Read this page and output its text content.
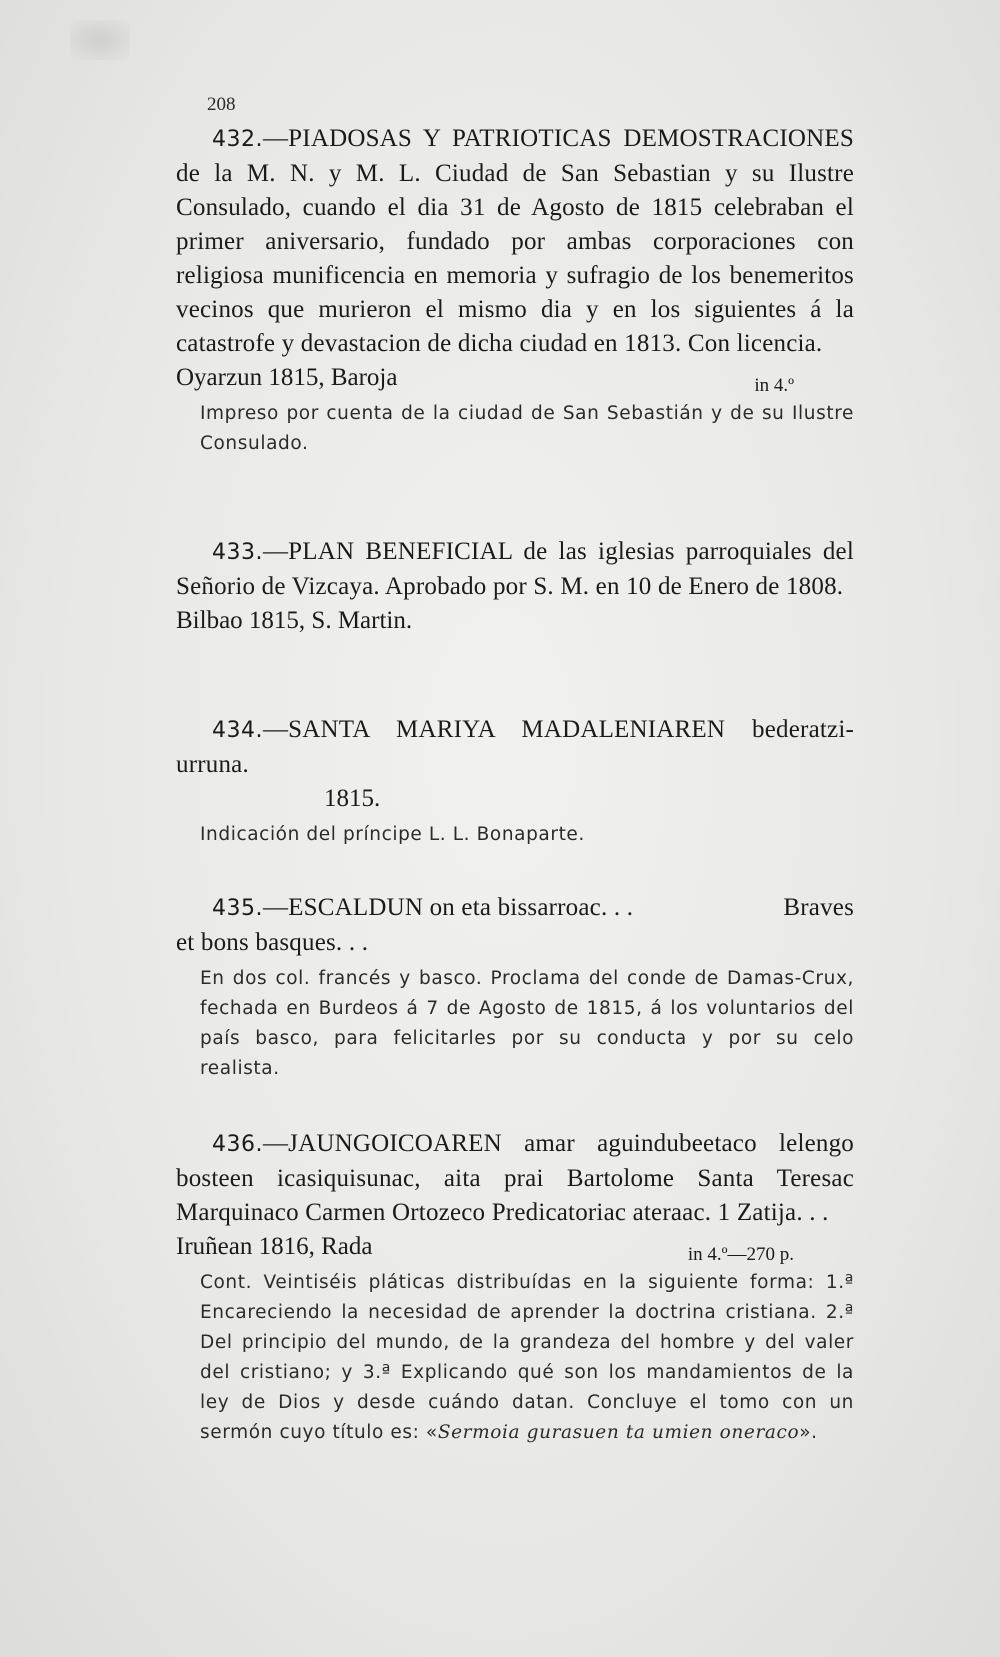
208
432.—PIADOSAS Y PATRIOTICAS DEMOSTRACIONES de la M. N. y M. L. Ciudad de San Sebastian y su Ilustre Consulado, cuando el dia 31 de Agosto de 1815 celebraban el primer aniversario, fundado por ambas corporaciones con religiosa munificencia en memoria y sufragio de los benemeritos vecinos que murieron el mismo dia y en los siguientes á la catastrofe y devastacion de dicha ciudad en 1813. Con licencia.
Oyarzun 1815, Baroja	in 4.º
Impreso por cuenta de la ciudad de San Sebastián y de su Ilustre Consulado.
433.—PLAN BENEFICIAL de las iglesias parroquiales del Señorio de Vizcaya. Aprobado por S. M. en 10 de Enero de 1808.
Bilbao 1815, S. Martin.
434.—SANTA MARIYA MADALENIAREN bederatzi-urruna.
1815.
Indicación del príncipe L. L. Bonaparte.
435.—ESCALDUN on eta bissarroac. . .	Braves
et bons basques. . .
En dos col. francés y basco. Proclama del conde de Damas-Crux, fechada en Burdeos á 7 de Agosto de 1815, á los voluntarios del país basco, para felicitarles por su conducta y por su celo realista.
436.—JAUNGOICOAREN amar aguindubeetaco lelengo bosteen icasiquisunac, aita prai Bartolome Santa Teresac Marquinaco Carmen Ortozeco Predicatoriac ateraac. 1 Zatija. . .
Iruñean 1816, Rada	in 4.º—270 p.
Cont. Veintiséis pláticas distribuídas en la siguiente forma: 1.ª Encareciendo la necesidad de aprender la doctrina cristiana. 2.ª Del principio del mundo, de la grandeza del hombre y del valer del cristiano; y 3.ª Explicando qué son los mandamientos de la ley de Dios y desde cuándo datan. Concluye el tomo con un sermón cuyo título es: «Sermoia gurasuen ta umien oneraco».
